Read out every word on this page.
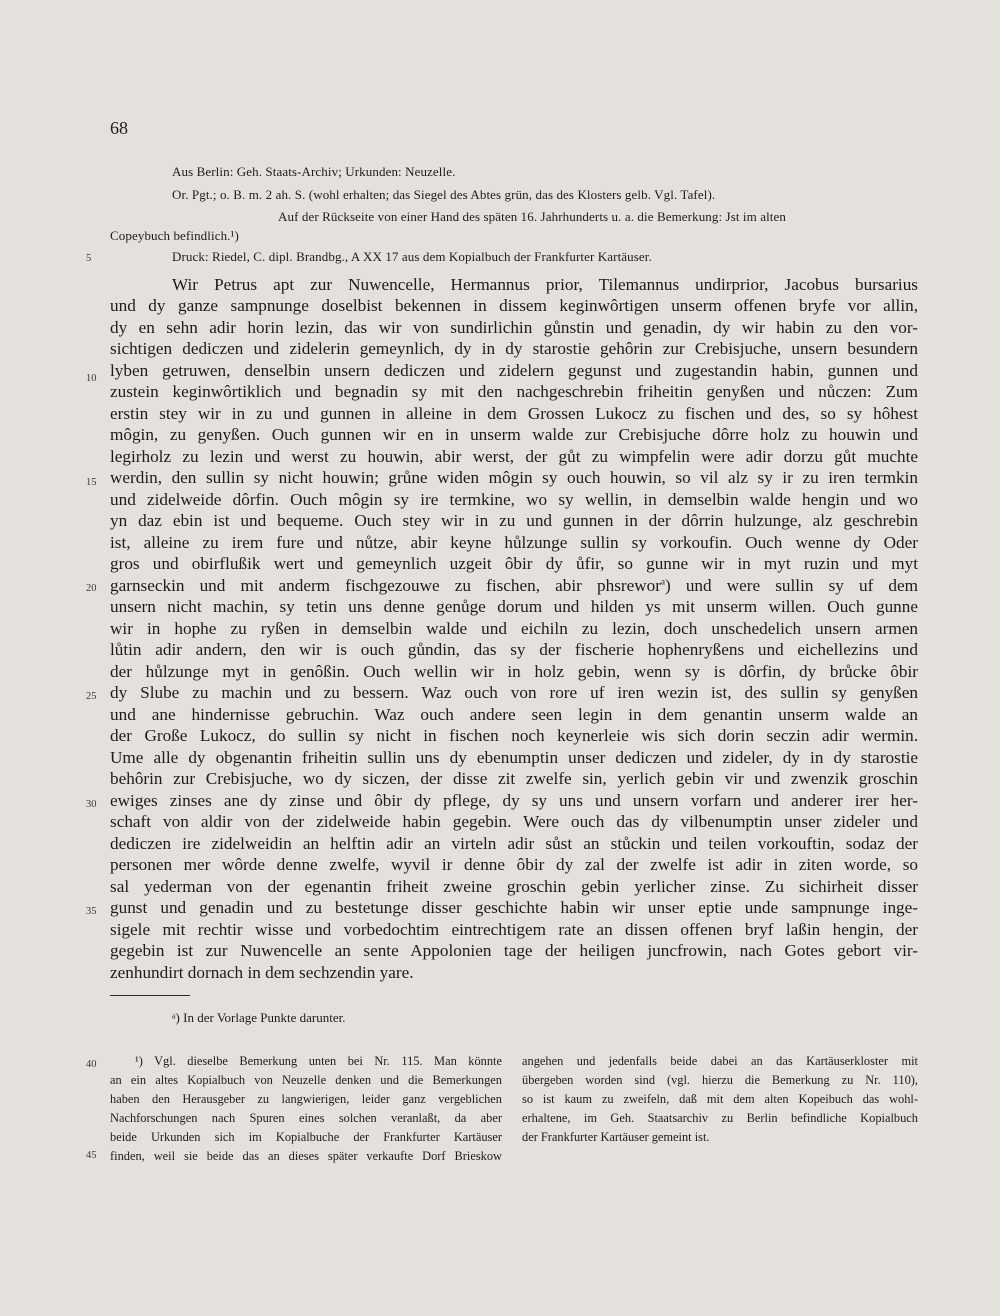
68
Aus Berlin: Geh. Staats-Archiv; Urkunden: Neuzelle.
Or. Pgt.; o. B. m. 2 ah. S. (wohl erhalten; das Siegel des Abtes grün, das des Klosters gelb. Vgl. Tafel).
Auf der Rückseite von einer Hand des späten 16. Jahrhunderts u. a. die Bemerkung: Jst im alten
Copeybuch befindlich.¹)
Druck: Riedel, C. dipl. Brandbg., A XX 17 aus dem Kopialbuch der Frankfurter Kartäuser.
5
10
15
20
25
30
35
40
45
Wir Petrus apt zur Nuwencelle, Hermannus prior, Tilemannus undirprior, Jacobus bursarius
und dy ganze sampnunge doselbist bekennen in dissem keginwôrtigen unserm offenen bryfe vor allin,
dy en sehn adir horin lezin, das wir von sundirlichin gůnstin und genadin, dy wir habin zu den vor-
sichtigen dediczen und zidelerin gemeynlich, dy in dy starostie gehôrin zur Crebisjuche, unsern besundern
lyben getruwen, denselbin unsern dediczen und zidelern gegunst und zugestandin habin, gunnen und
zustein keginwôrtiklich und begnadin sy mit den nachgeschrebin friheitin genyßen und nůczen: Zum
erstin stey wir in zu und gunnen in alleine in dem Grossen Lukocz zu fischen und des, so sy hôhest
môgin, zu genyßen. Ouch gunnen wir en in unserm walde zur Crebisjuche dôrre holz zu houwin und
legirholz zu lezin und werst zu houwin, abir werst, der gůt zu wimpfelin were adir dorzu gůt muchte
werdin, den sullin sy nicht houwin; grůne widen môgin sy ouch houwin, so vil alz sy ir zu iren termkin
und zidelweide dôrfin. Ouch môgin sy ire termkine, wo sy wellin, in demselbin walde hengin und wo
yn daz ebin ist und bequeme. Ouch stey wir in zu und gunnen in der dôrrin hulzunge, alz geschrebin
ist, alleine zu irem fure und nůtze, abir keyne hůlzunge sullin sy vorkoufin. Ouch wenne dy Oder
gros und obirflußik wert und gemeynlich uzgeit ôbir dy ůfir, so gunne wir in myt ruzin und myt
garnseckin und mit anderm fischgezouwe zu fischen, abir phsrewor$^a$) und were sullin sy uf dem
unsern nicht machin, sy tetin uns denne genůge dorum und hilden ys mit unserm willen. Ouch gunne
wir in hophe zu ryßen in demselbin walde und eichiln zu lezin, doch unschedelich unsern armen
lůtin adir andern, den wir is ouch gůndin, das sy der fischerie hophenryßens und eichellezins und
der hůlzunge myt in genôßin. Ouch wellin wir in holz gebin, wenn sy is dôrfin, dy brůcke ôbir
dy Slube zu machin und zu bessern. Waz ouch von rore uf iren wezin ist, des sullin sy genyßen
und ane hindernisse gebruchin. Waz ouch andere seen legin in dem genantin unserm walde an
der Große Lukocz, do sullin sy nicht in fischen noch keynerleie wis sich dorin seczin adir wermin.
Ume alle dy obgenantin friheitin sullin uns dy ebenumptin unser dediczen und zideler, dy in dy starostie
behôrin zur Crebisjuche, wo dy siczen, der disse zit zwelfe sin, yerlich gebin vir und zwenzik groschin
ewiges zinses ane dy zinse und ôbir dy pflege, dy sy uns und unsern vorfarn und anderer irer her-
schaft von aldir von der zidelweide habin gegebin. Were ouch das dy vilbenumptin unser zideler und
dediczen ire zidelweidin an helftin adir an virteln adir sůst an stůckin und teilen vorkouftin, sodaz der
personen mer wôrde denne zwelfe, wyvil ir denne ôbir dy zal der zwelfe ist adir in ziten worde, so
sal yederman von der egenantin friheit zweine groschin gebin yerlicher zinse. Zu sichirheit disser
gunst und genadin und zu bestetunge disser geschichte habin wir unser eptie unde sampnunge inge-
sigele mit rechtir wisse und vorbedochtim eintrechtigem rate an dissen offenen bryf laßin hengin, der
gegebin ist zur Nuwencelle an sente Appolonien tage der heiligen juncfrowin, nach Gotes gebort vir-
zenhundirt dornach in dem sechzendin yare.
ᵃ) In der Vorlage Punkte darunter.
¹) Vgl. dieselbe Bemerkung unten bei Nr. 115. Man könnte
an ein altes Kopialbuch von Neuzelle denken und die Bemerkungen
haben den Herausgeber zu langwierigen, leider ganz vergeblichen
Nachforschungen nach Spuren eines solchen veranlaßt, da aber
beide Urkunden sich im Kopialbuche der Frankfurter Kartäuser
finden, weil sie beide das an dieses später verkaufte Dorf Brieskow
angehen und jedenfalls beide dabei an das Kartäuserkloster mit
übergeben worden sind (vgl. hierzu die Bemerkung zu Nr. 110),
so ist kaum zu zweifeln, daß mit dem alten Kopeibuch das wohl-
erhaltene, im Geh. Staatsarchiv zu Berlin befindliche Kopialbuch
der Frankfurter Kartäuser gemeint ist.
